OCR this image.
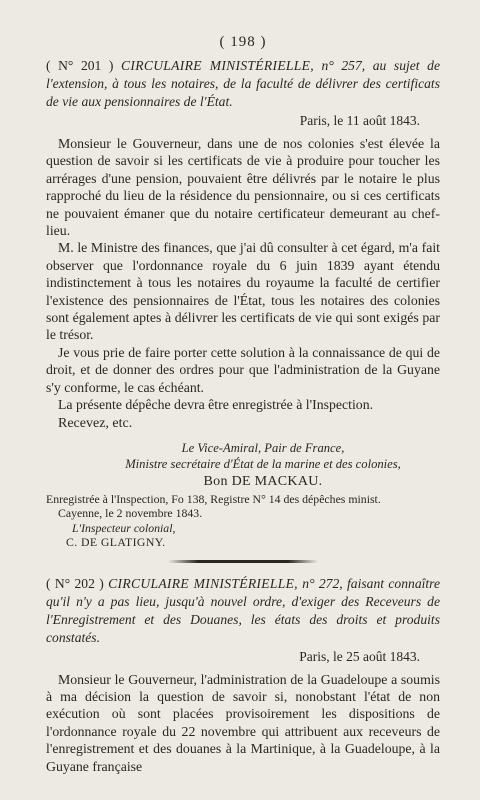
( 198 )

( N° 201 ) CIRCULAIRE MINISTÉRIELLE, n° 257, au sujet de l'extension, à tous les notaires, de la faculté de délivrer des certificats de vie aux pensionnaires de l'État.

Paris, le 11 août 1843.

Monsieur le Gouverneur, dans une de nos colonies s'est élevée la question de savoir si les certificats de vie à produire pour toucher les arrérages d'une pension, pouvaient être délivrés par le notaire le plus rapproché du lieu de la résidence du pensionnaire, ou si ces certificats ne pouvaient émaner que du notaire certificateur demeurant au chef-lieu.

M. le Ministre des finances, que j'ai dû consulter à cet égard, m'a fait observer que l'ordonnance royale du 6 juin 1839 ayant étendu indistinctement à tous les notaires du royaume la faculté de certifier l'existence des pensionnaires de l'État, tous les notaires des colonies sont également aptes à délivrer les certificats de vie qui sont exigés par le trésor.

Je vous prie de faire porter cette solution à la connaissance de qui de droit, et de donner des ordres pour que l'administration de la Guyane s'y conforme, le cas échéant.

La présente dépêche devra être enregistrée à l'Inspection.

Recevez, etc.
Le Vice-Amiral, Pair de France,
Ministre secrétaire d'État de la marine et des colonies,
Bon DE MACKAU.

Enregistrée à l'Inspection, Fo 138, Registre N° 14 des dépêches minist.

Cayenne, le 2 novembre 1843.

L'Inspecteur colonial,

C. DE GLATIGNY.

( N° 202 ) CIRCULAIRE MINISTÉRIELLE, n° 272, faisant connaître qu'il n'y a pas lieu, jusqu'à nouvel ordre, d'exiger des Receveurs de l'Enregistrement et des Douanes, les états des droits et produits constatés.

Paris, le 25 août 1843.

Monsieur le Gouverneur, l'administration de la Guadeloupe a soumis à ma décision la question de savoir si, nonobstant l'état de non exécution où sont placées provisoirement les dispositions de l'ordonnance royale du 22 novembre qui attribuent aux receveurs de l'enregistrement et des douanes à la Martinique, à la Guadeloupe, à la Guyane française
